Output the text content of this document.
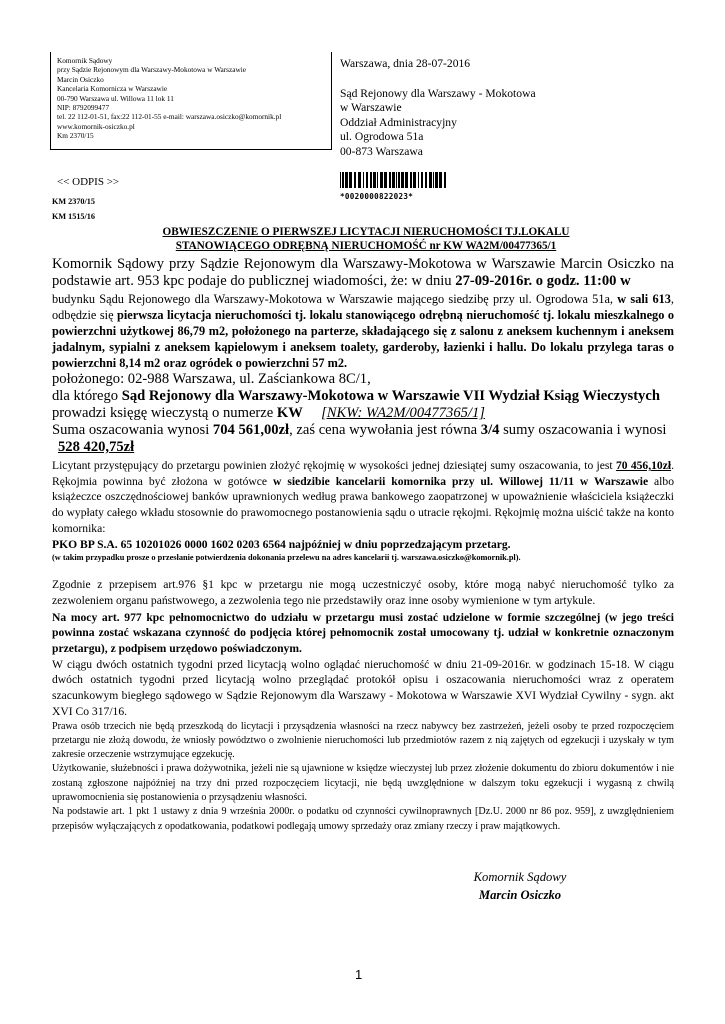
Komornik Sądowy
przy Sądzie Rejonowym dla Warszawy-Mokotowa w Warszawie
Marcin Osiczko
Kancelaria Komornicza w Warszawie
00-790 Warszawa ul. Willowa 11 lok 11
NIP: 8792099477
tel. 22 112-01-51, fax:22 112-01-55 e-mail: warszawa.osiczko@komornik.pl
www.komornik-osiczko.pl
Km 2370/15
Warszawa, dnia 28-07-2016
Sąd Rejonowy dla Warszawy - Mokotowa
w Warszawie
Oddział Administracyjny
ul. Ogrodowa 51a
00-873 Warszawa
<< ODPIS >>
*0020000822023*
KM 2370/15
KM 1515/16
OBWIESZCZENIE O PIERWSZEJ LICYTACJI NIERUCHOMOŚCI TJ.LOKALU
STANOWIĄCEGO ODRĘBNĄ NIERUCHOMOŚĆ nr KW WA2M/00477365/1

Komornik Sądowy przy Sądzie Rejonowym dla Warszawy-Mokotowa w Warszawie Marcin Osiczko na podstawie art. 953 kpc podaje do publicznej wiadomości, że: w dniu 27-09-2016r. o godz. 11:00 w

budynku Sądu Rejonowego dla Warszawy-Mokotowa w Warszawie mającego siedzibę przy ul. Ogrodowa 51a, w sali 613, odbędzie się pierwsza licytacja nieruchomości tj. lokalu stanowiącego odrębną nieruchomość tj. lokalu mieszkalnego o powierzchni użytkowej 86,79 m2, położonego na parterze, składającego się z salonu z aneksem kuchennym i aneksem jadalnym, sypialni z aneksem kąpielowym i aneksem toalety, garderoby, łazienki i hallu. Do lokalu przylega taras o powierzchni 8,14 m2 oraz ogródek o powierzchni 57 m2.

położonego: 02-988 Warszawa, ul. Zaściankowa 8C/1,

dla którego Sąd Rejonowy dla Warszawy-Mokotowa w Warszawie VII Wydział Ksiąg Wieczystych

prowadzi księgę wieczystą o numerze KW [NKW: WA2M/00477365/1]

Suma oszacowania wynosi 704 561,00zł, zaś cena wywołania jest równa 3/4 sumy oszacowania i wynosi

528 420,75zł

Licytant przystępujący do przetargu powinien złożyć rękojmię w wysokości jednej dziesiątej sumy oszacowania, to jest 70 456,10zł. Rękojmia powinna być złożona w gotówce w siedzibie kancelarii komornika przy ul. Willowej 11/11 w Warszawie albo książeczce oszczędnościowej banków uprawnionych według prawa bankowego zaopatrzonej w upoważnienie właściciela książeczki do wypłaty całego wkładu stosownie do prawomocnego postanowienia sądu o utracie rękojmi. Rękojmię można uiścić także na konto komornika:

PKO BP S.A. 65 10201026 0000 1602 0203 6564 najpóźniej w dniu poprzedzającym przetarg.

(w takim przypadku prosze o przesłanie potwierdzenia dokonania przelewu na adres kancelarii tj. warszawa.osiczko@komornik.pl).

Zgodnie z przepisem art.976 §1 kpc w przetargu nie mogą uczestniczyć osoby, które mogą nabyć nieruchomość tylko za zezwoleniem organu państwowego, a zezwolenia tego nie przedstawiły oraz inne osoby wymienione w tym artykule.

Na mocy art. 977 kpc pełnomocnictwo do udziału w przetargu musi zostać udzielone w formie szczególnej (w jego treści powinna zostać wskazana czynność do podjęcia której pełnomocnik został umocowany tj. udział w konkretnie oznaczonym przetargu), z podpisem urzędowo poświadczonym.

W ciągu dwóch ostatnich tygodni przed licytacją wolno oglądać nieruchomość w dniu 21-09-2016r. w godzinach 15-18. W ciągu dwóch ostatnich tygodni przed licytacją wolno przeglądać protokół opisu i oszacowania nieruchomości wraz z operatem szacunkowym biegłego sądowego w Sądzie Rejonowym dla Warszawy - Mokotowa w Warszawie XVI Wydział Cywilny - sygn. akt XVI Co 317/16.

Prawa osób trzecich nie będą przeszkodą do licytacji i przysądzenia własności na rzecz nabywcy bez zastrzeżeń, jeżeli osoby te przed rozpoczęciem przetargu nie złożą dowodu, że wniosły powództwo o zwolnienie nieruchomości lub przedmiotów razem z nią zajętych od egzekucji i uzyskały w tym zakresie orzeczenie wstrzymujące egzekucję.

Użytkowanie, służebności i prawa dożywotnika, jeżeli nie są ujawnione w księdze wieczystej lub przez złożenie dokumentu do zbioru dokumentów i nie zostaną zgłoszone najpóźniej na trzy dni przed rozpoczęciem licytacji, nie będą uwzględnione w dalszym toku egzekucji i wygasną z chwilą uprawomocnienia się postanowienia o przysądzeniu własności.

Na podstawie art. 1 pkt 1 ustawy z dnia 9 września 2000r. o podatku od czynności cywilnoprawnych [Dz.U. 2000 nr 86 poz. 959], z uwzględnieniem przepisów wyłączających z opodatkowania, podatkowi podlegają umowy sprzedaży oraz zmiany rzeczy i praw majątkowych.

Komornik Sądowy
Marcin Osiczko
1
